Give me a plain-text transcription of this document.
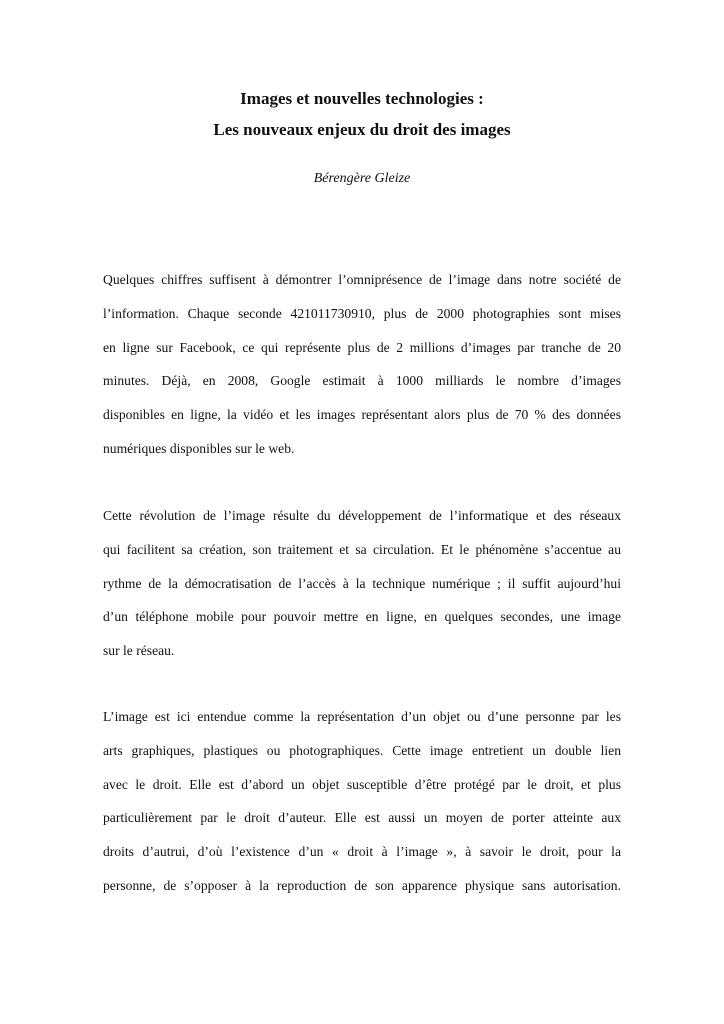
Images et nouvelles technologies :
Les nouveaux enjeux du droit des images

Bérengère Gleize

Quelques chiffres suffisent à démontrer l’omniprésence de l’image dans notre société de
l’information. Chaque seconde 421011730910, plus de 2000 photographies sont mises
en ligne sur Facebook, ce qui représente plus de 2 millions d’images par tranche de 20
minutes. Déjà, en 2008, Google estimait à 1000 milliards le nombre d’images
disponibles en ligne, la vidéo et les images représentant alors plus de 70 % des données
numériques disponibles sur le web.
Cette révolution de l’image résulte du développement de l’informatique et des réseaux
qui facilitent sa création, son traitement et sa circulation. Et le phénomène s’accentue au
rythme de la démocratisation de l’accès à la technique numérique ; il suffit aujourd’hui
d’un téléphone mobile pour pouvoir mettre en ligne, en quelques secondes, une image
sur le réseau.
L’image est ici entendue comme la représentation d’un objet ou d’une personne par les
arts graphiques, plastiques ou photographiques. Cette image entretient un double lien
avec le droit. Elle est d’abord un objet susceptible d’être protégé par le droit, et plus
particulièrement par le droit d’auteur. Elle est aussi un moyen de porter atteinte aux
droits d’autrui, d’où l’existence d’un « droit à l’image », à savoir le droit, pour la
personne, de s’opposer à la reproduction de son apparence physique sans autorisation.
